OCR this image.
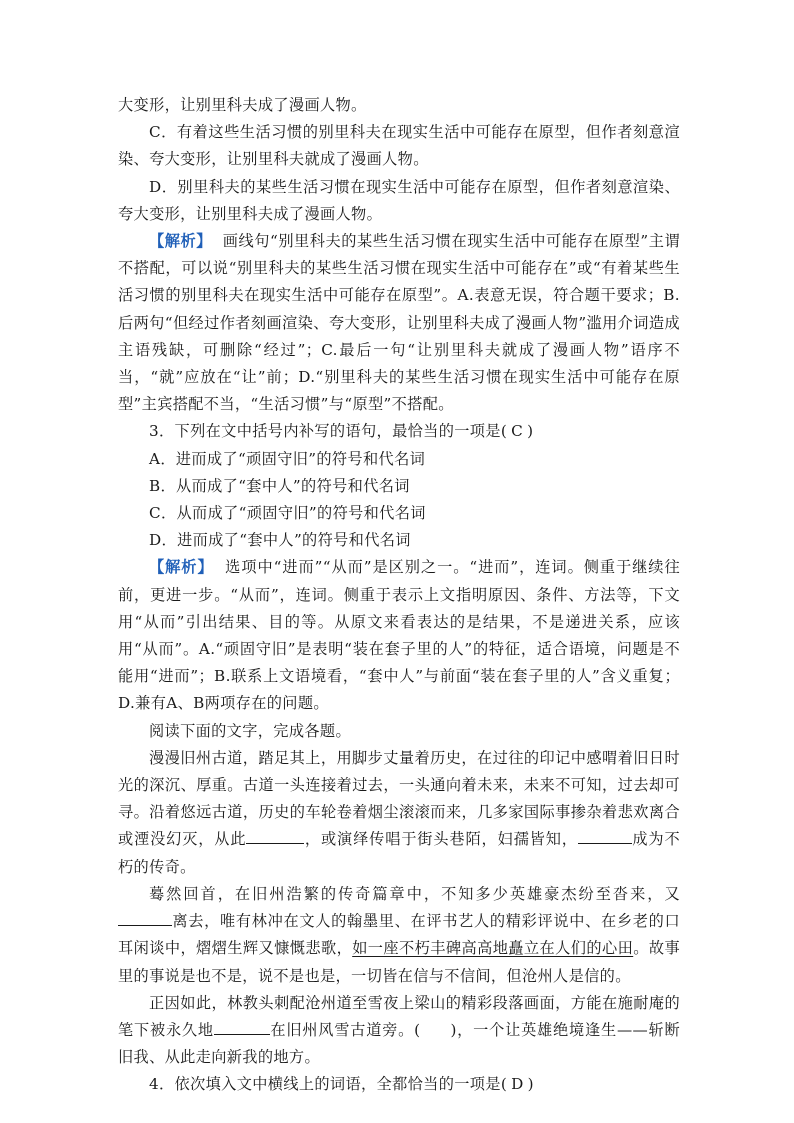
大变形，让别里科夫成了漫画人物。

C．有着这些生活习惯的别里科夫在现实生活中可能存在原型，但作者刻意渲染、夸大变形，让别里科夫就成了漫画人物。

D．别里科夫的某些生活习惯在现实生活中可能存在原型，但作者刻意渲染、夸大变形，让别里科夫成了漫画人物。

【解析】 画线句“别里科夫的某些生活习惯在现实生活中可能存在原型”主谓不搭配，可以说“别里科夫的某些生活习惯在现实生活中可能存在”或“有着某些生活习惯的别里科夫在现实生活中可能存在原型”。A.表意无误，符合题干要求；B.后两句“但经过作者刻画渲染、夸大变形，让别里科夫成了漫画人物”滥用介词造成主语残缺，可删除“经过”；C.最后一句“让别里科夫就成了漫画人物”语序不当，“就”应放在“让”前；D.“别里科夫的某些生活习惯在现实生活中可能存在原型”主宾搭配不当，“生活习惯”与“原型”不搭配。

3．下列在文中括号内补写的语句，最恰当的一项是( C )

A．进而成了“顽固守旧”的符号和代名词

B．从而成了“套中人”的符号和代名词

C．从而成了“顽固守旧”的符号和代名词

D．进而成了“套中人”的符号和代名词

【解析】 选项中“进而”“从而”是区别之一。“进而”，连词。侧重于继续往前，更进一步。“从而”，连词。侧重于表示上文指明原因、条件、方法等，下文用“从而”引出结果、目的等。从原文来看表达的是结果，不是递进关系，应该用“从而”。A.“顽固守旧”是表明“装在套子里的人”的特征，适合语境，问题是不能用“进而”；B.联系上文语境看，“套中人”与前面“装在套子里的人”含义重复；D.兼有A、B两项存在的问题。

阅读下面的文字，完成各题。

漫漫旧州古道，踏足其上，用脚步丈量着历史，在过往的印记中感喟着旧日时光的深沉、厚重。古道一头连接着过去，一头通向着未来，未来不可知，过去却可寻。沿着悠远古道，历史的车轮卷着烟尘滚滚而来，几多家国际事掺杂着悲欢离合或湮没幻灭，从此	，或演绎传唱于街头巷陌，妇孺皆知，	成为不朽的传奇。

蓦然回首，在旧州浩繁的传奇篇章中，不知多少英雄豪杰纷至沓来，又离去，唯有林冲在文人的翰墨里、在评书艺人的精彩评说中、在乡老的口耳闲谈中，熠熠生辉又慷慨悲歌，如一座不朽丰碑高高地矗立在人们的心田。故事里的事说是也不是，说不是也是，一切皆在信与不信间，但沧州人是信的。

正因如此，林教头刺配沧州道至雪夜上梁山的精彩段落画面，方能在施耐庵的笔下被永久地	在旧州风雪古道旁。( )，一个让英雄绝境逢生——斩断旧我、从此走向新我的地方。

4．依次填入文中横线上的词语，全都恰当的一项是( D )
